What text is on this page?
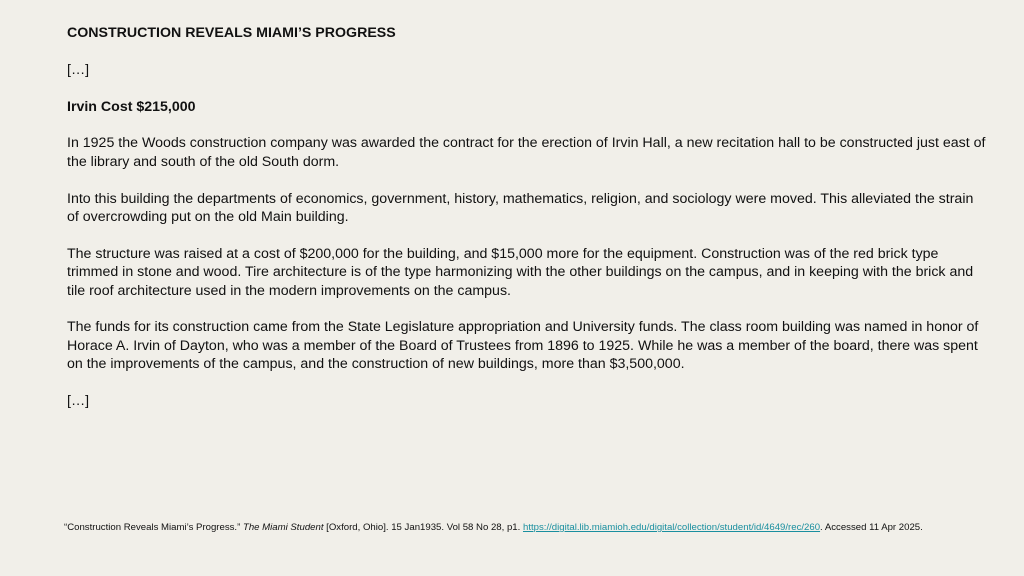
CONSTRUCTION REVEALS MIAMI’S PROGRESS

[…]

Irvin Cost $215,000

In 1925 the Woods construction company was awarded the contract for the erection of Irvin Hall, a new recitation hall to be constructed just east of the library and south of the old South dorm.

Into this building the departments of economics, government, history, mathematics, religion, and sociology were moved. This alleviated the strain of overcrowding put on the old Main building.

The structure was raised at a cost of $200,000 for the building, and $15,000 more for the equipment. Construction was of the red brick type trimmed in stone and wood. Tire architecture is of the type harmonizing with the other buildings on the campus, and in keeping with the brick and tile roof architecture used in the modern improvements on the campus.

The funds for its construction came from the State Legislature appropriation and University funds. The class room building was named in honor of Horace A. Irvin of Dayton, who was a member of the Board of Trustees from 1896 to 1925. While he was a member of the board, there was spent on the improvements of the campus, and the construction of new buildings, more than $3,500,000.

[…]

“Construction Reveals Miami’s Progress.” The Miami Student [Oxford, Ohio]. 15 Jan1935. Vol 58 No 28, p1. https://digital.lib.miamioh.edu/digital/collection/student/id/4649/rec/260. Accessed 11 Apr 2025.
